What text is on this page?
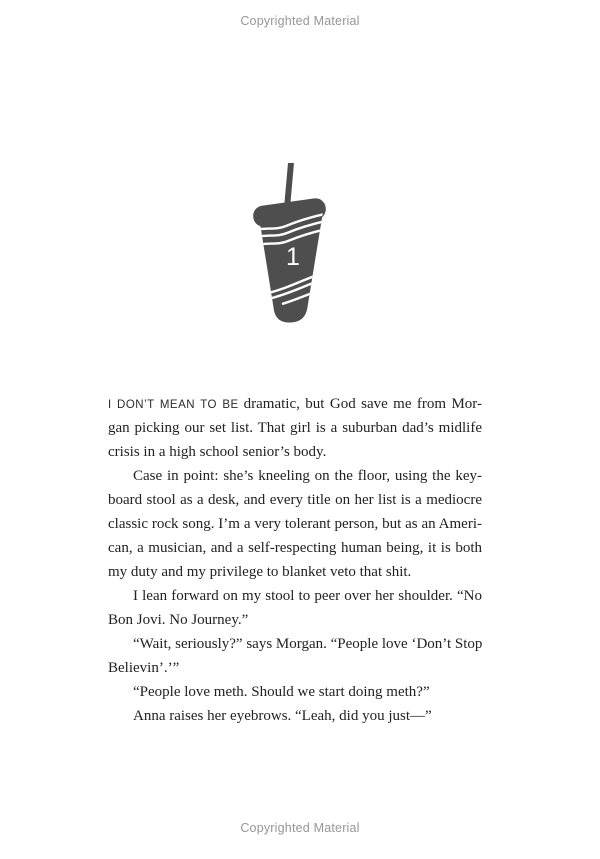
Copyrighted Material
1
I DON’T MEAN TO BE dramatic, but God save me from Mor-
gan picking our set list. That girl is a suburban dad’s midlife
crisis in a high school senior’s body.
Case in point: she’s kneeling on the floor, using the key-
board stool as a desk, and every title on her list is a mediocre
classic rock song. I’m a very tolerant person, but as an Ameri-
can, a musician, and a self-respecting human being, it is both
my duty and my privilege to blanket veto that shit.
I lean forward on my stool to peer over her shoulder. “No
Bon Jovi. No Journey.”
“Wait, seriously?” says Morgan. “People love ‘Don’t Stop
Believin’.’”
“People love meth. Should we start doing meth?”
Anna raises her eyebrows. “Leah, did you just—”
Copyrighted Material
